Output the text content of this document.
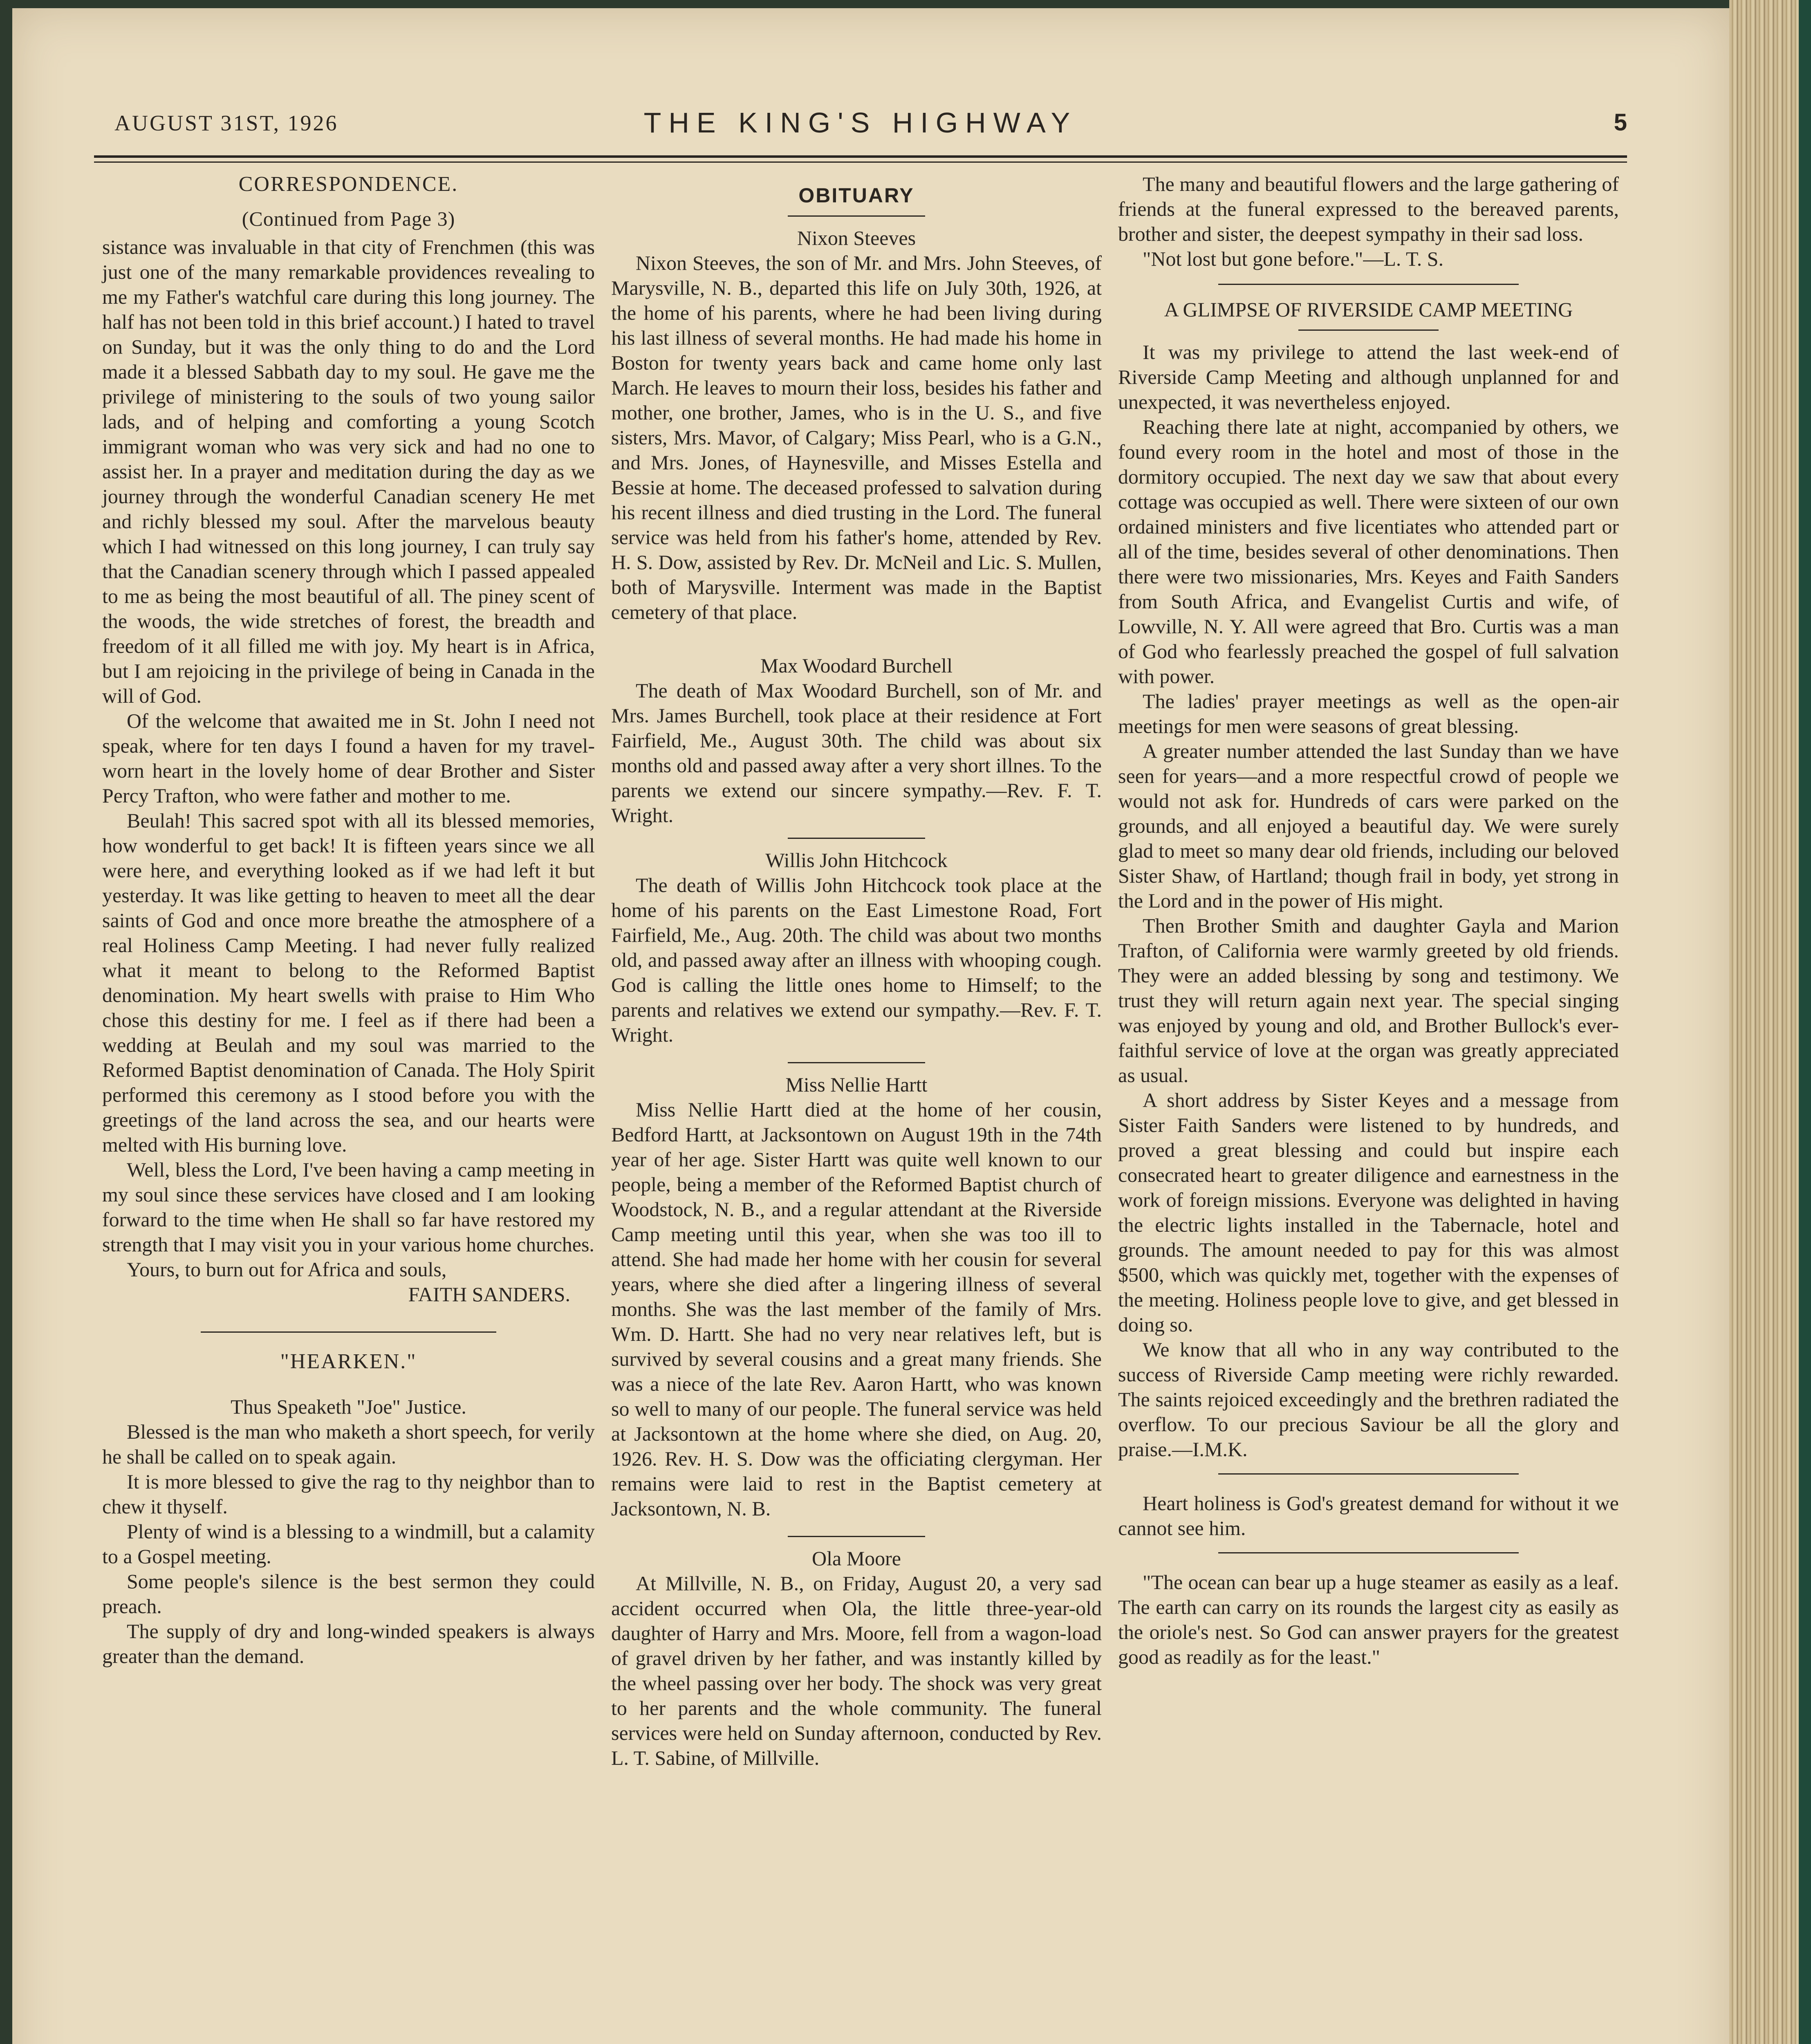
AUGUST 31ST, 1926	THE KING'S HIGHWAY	5

CORRESPONDENCE.

(Continued from Page 3)

sistance was invaluable in that city of Frenchmen (this was just one of the many remarkable providences revealing to me my Father's watchful care during this long journey. The half has not been told in this brief account.) I hated to travel on Sunday, but it was the only thing to do and the Lord made it a blessed Sabbath day to my soul. He gave me the privilege of ministering to the souls of two young sailor lads, and of helping and comforting a young Scotch immigrant woman who was very sick and had no one to assist her. In a prayer and meditation during the day as we journey through the wonderful Canadian scenery He met and richly blessed my soul. After the marvelous beauty which I had witnessed on this long journey, I can truly say that the Canadian scenery through which I passed appealed to me as being the most beautiful of all. The piney scent of the woods, the wide stretches of forest, the breadth and freedom of it all filled me with joy. My heart is in Africa, but I am rejoicing in the privilege of being in Canada in the will of God.

Of the welcome that awaited me in St. John I need not speak, where for ten days I found a haven for my travel-worn heart in the lovely home of dear Brother and Sister Percy Trafton, who were father and mother to me.

Beulah! This sacred spot with all its blessed memories, how wonderful to get back! It is fifteen years since we all were here, and everything looked as if we had left it but yesterday. It was like getting to heaven to meet all the dear saints of God and once more breathe the atmosphere of a real Holiness Camp Meeting. I had never fully realized what it meant to belong to the Reformed Baptist denomination. My heart swells with praise to Him Who chose this destiny for me. I feel as if there had been a wedding at Beulah and my soul was married to the Reformed Baptist denomination of Canada. The Holy Spirit performed this ceremony as I stood before you with the greetings of the land across the sea, and our hearts were melted with His burning love.

Well, bless the Lord, I've been having a camp meeting in my soul since these services have closed and I am looking forward to the time when He shall so far have restored my strength that I may visit you in your various home churches.

Yours, to burn out for Africa and souls,

FAITH SANDERS.

"HEARKEN."

Thus Speaketh "Joe" Justice.

Blessed is the man who maketh a short speech, for verily he shall be called on to speak again.

It is more blessed to give the rag to thy neighbor than to chew it thyself.

Plenty of wind is a blessing to a windmill, but a calamity to a Gospel meeting.

Some people's silence is the best sermon they could preach.

The supply of dry and long-winded speakers is always greater than the demand.

OBITUARY

Nixon Steeves

Nixon Steeves, the son of Mr. and Mrs. John Steeves, of Marysville, N. B., departed this life on July 30th, 1926, at the home of his parents, where he had been living during his last illness of several months. He had made his home in Boston for twenty years back and came home only last March. He leaves to mourn their loss, besides his father and mother, one brother, James, who is in the U. S., and five sisters, Mrs. Mavor, of Calgary; Miss Pearl, who is a G.N., and Mrs. Jones, of Haynesville, and Misses Estella and Bessie at home. The deceased professed to salvation during his recent illness and died trusting in the Lord. The funeral service was held from his father's home, attended by Rev. H. S. Dow, assisted by Rev. Dr. McNeil and Lic. S. Mullen, both of Marysville. Interment was made in the Baptist cemetery of that place.

Max Woodard Burchell

The death of Max Woodard Burchell, son of Mr. and Mrs. James Burchell, took place at their residence at Fort Fairfield, Me., August 30th. The child was about six months old and passed away after a very short illnes. To the parents we extend our sincere sympathy.—Rev. F. T. Wright.

Willis John Hitchcock

The death of Willis John Hitchcock took place at the home of his parents on the East Limestone Road, Fort Fairfield, Me., Aug. 20th. The child was about two months old, and passed away after an illness with whooping cough. God is calling the little ones home to Himself; to the parents and relatives we extend our sympathy.—Rev. F. T. Wright.

Miss Nellie Hartt

Miss Nellie Hartt died at the home of her cousin, Bedford Hartt, at Jacksontown on August 19th in the 74th year of her age. Sister Hartt was quite well known to our people, being a member of the Reformed Baptist church of Woodstock, N. B., and a regular attendant at the Riverside Camp meeting until this year, when she was too ill to attend. She had made her home with her cousin for several years, where she died after a lingering illness of several months. She was the last member of the family of Mrs. Wm. D. Hartt. She had no very near relatives left, but is survived by several cousins and a great many friends. She was a niece of the late Rev. Aaron Hartt, who was known so well to many of our people. The funeral service was held at Jacksontown at the home where she died, on Aug. 20, 1926. Rev. H. S. Dow was the officiating clergyman. Her remains were laid to rest in the Baptist cemetery at Jacksontown, N. B.

Ola Moore

At Millville, N. B., on Friday, August 20, a very sad accident occurred when Ola, the little three-year-old daughter of Harry and Mrs. Moore, fell from a wagon-load of gravel driven by her father, and was instantly killed by the wheel passing over her body. The shock was very great to her parents and the whole community. The funeral services were held on Sunday afternoon, conducted by Rev. L. T. Sabine, of Millville.

The many and beautiful flowers and the large gathering of friends at the funeral expressed to the bereaved parents, brother and sister, the deepest sympathy in their sad loss.

"Not lost but gone before."—L. T. S.

A GLIMPSE OF RIVERSIDE CAMP MEETING

It was my privilege to attend the last week-end of Riverside Camp Meeting and although unplanned for and unexpected, it was nevertheless enjoyed.

Reaching there late at night, accompanied by others, we found every room in the hotel and most of those in the dormitory occupied. The next day we saw that about every cottage was occupied as well. There were sixteen of our own ordained ministers and five licentiates who attended part or all of the time, besides several of other denominations. Then there were two missionaries, Mrs. Keyes and Faith Sanders from South Africa, and Evangelist Curtis and wife, of Lowville, N. Y. All were agreed that Bro. Curtis was a man of God who fearlessly preached the gospel of full salvation with power.

The ladies' prayer meetings as well as the open-air meetings for men were seasons of great blessing.

A greater number attended the last Sunday than we have seen for years—and a more respectful crowd of people we would not ask for. Hundreds of cars were parked on the grounds, and all enjoyed a beautiful day. We were surely glad to meet so many dear old friends, including our beloved Sister Shaw, of Hartland; though frail in body, yet strong in the Lord and in the power of His might.

Then Brother Smith and daughter Gayla and Marion Trafton, of California were warmly greeted by old friends. They were an added blessing by song and testimony. We trust they will return again next year. The special singing was enjoyed by young and old, and Brother Bullock's ever-faithful service of love at the organ was greatly appreciated as usual.

A short address by Sister Keyes and a message from Sister Faith Sanders were listened to by hundreds, and proved a great blessing and could but inspire each consecrated heart to greater diligence and earnestness in the work of foreign missions. Everyone was delighted in having the electric lights installed in the Tabernacle, hotel and grounds. The amount needed to pay for this was almost $500, which was quickly met, together with the expenses of the meeting. Holiness people love to give, and get blessed in doing so.

We know that all who in any way contributed to the success of Riverside Camp meeting were richly rewarded. The saints rejoiced exceedingly and the brethren radiated the overflow. To our precious Saviour be all the glory and praise.—I.M.K.

Heart holiness is God's greatest demand for without it we cannot see him.

"The ocean can bear up a huge steamer as easily as a leaf. The earth can carry on its rounds the largest city as easily as the oriole's nest. So God can answer prayers for the greatest good as readily as for the least."
